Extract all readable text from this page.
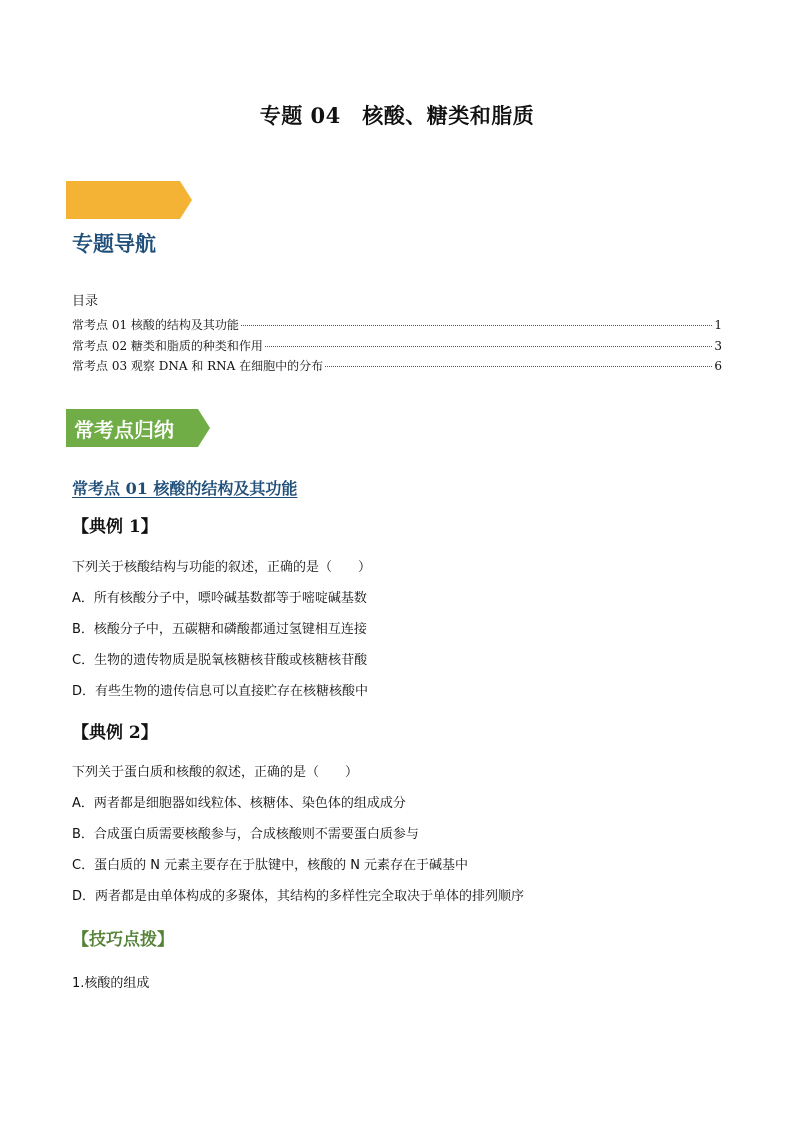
专题 04　核酸、糖类和脂质
专题导航
目录
常考点 01 核酸的结构及其功能	1
常考点 02 糖类和脂质的种类和作用	3
常考点 03 观察 DNA 和 RNA 在细胞中的分布	6
常考点归纳
常考点 01 核酸的结构及其功能
【典例 1】
下列关于核酸结构与功能的叙述，正确的是（　　）
A．所有核酸分子中，嘌呤碱基数都等于嘧啶碱基数
B．核酸分子中，五碳糖和磷酸都通过氢键相互连接
C．生物的遗传物质是脱氧核糖核苷酸或核糖核苷酸
D．有些生物的遗传信息可以直接贮存在核糖核酸中
【典例 2】
下列关于蛋白质和核酸的叙述，正确的是（　　）
A．两者都是细胞器如线粒体、核糖体、染色体的组成成分
B．合成蛋白质需要核酸参与，合成核酸则不需要蛋白质参与
C．蛋白质的 N 元素主要存在于肽键中，核酸的 N 元素存在于碱基中
D．两者都是由单体构成的多聚体，其结构的多样性完全取决于单体的排列顺序
【技巧点拨】
1.核酸的组成
